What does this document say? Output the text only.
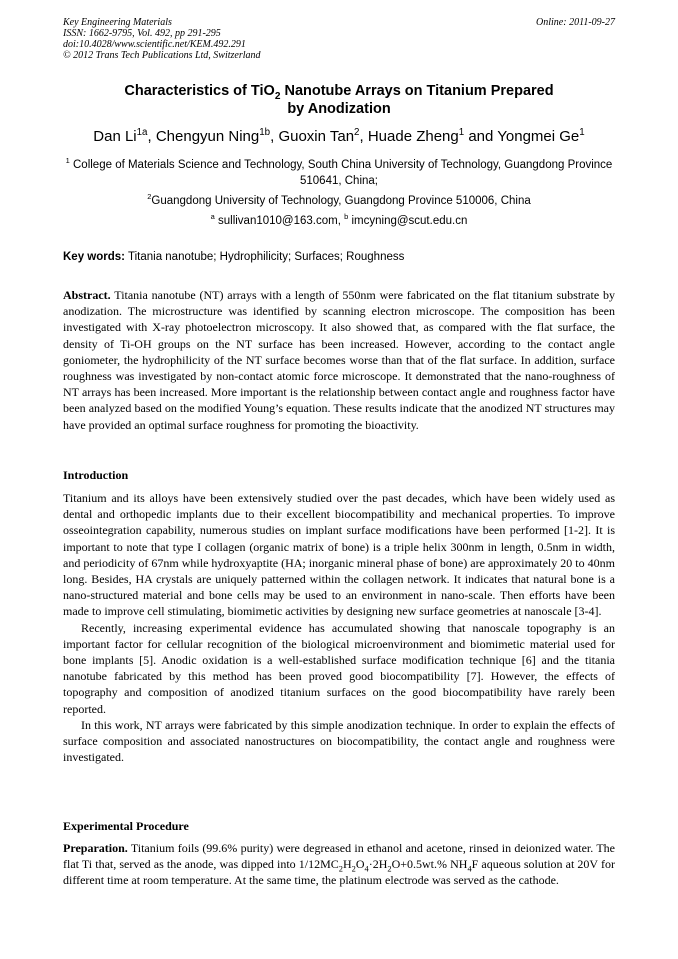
Key Engineering Materials
ISSN: 1662-9795, Vol. 492, pp 291-295
doi:10.4028/www.scientific.net/KEM.492.291
© 2012 Trans Tech Publications Ltd, Switzerland
Online: 2011-09-27
Characteristics of TiO$_2$ Nanotube Arrays on Titanium Prepared
by Anodization
Dan $Li^{1a}$, Chengyun Ning$^{1b}$, Guoxin Tan$^2$, Huade Zheng$^1$ and Yongmei Ge$^1$
$^1$ College of Materials Science and Technology, South China University of Technology, Guangdong Province 510641, China;
$^2$Guangdong University of Technology, Guangdong Province 510006, China
$^a$ sullivan1010@163.com, $^b$ imcyning@scut.edu.cn
Key words: Titania nanotube; Hydrophilicity; Surfaces; Roughness
Abstract. Titania nanotube (NT) arrays with a length of 550nm were fabricated on the flat titanium substrate by anodization. The microstructure was identified by scanning electron microscope. The composition has been investigated with X-ray photoelectron microscopy. It also showed that, as compared with the flat surface, the density of Ti-OH groups on the NT surface has been increased. However, according to the contact angle goniometer, the hydrophilicity of the NT surface becomes worse than that of the flat surface. In addition, surface roughness was investigated by non-contact atomic force microscope. It demonstrated that the nano-roughness of NT arrays has been increased. More important is the relationship between contact angle and roughness factor have been analyzed based on the modified Young’s equation. These results indicate that the anodized NT structures may have provided an optimal surface roughness for promoting the bioactivity.
Introduction
Titanium and its alloys have been extensively studied over the past decades, which have been widely used as dental and orthopedic implants due to their excellent biocompatibility and mechanical properties. To improve osseointegration capability, numerous studies on implant surface modifications have been performed [1-2]. It is important to note that type I collagen (organic matrix of bone) is a triple helix 300nm in length, 0.5nm in width, and periodicity of 67nm while hydroxyaptite (HA; inorganic mineral phase of bone) are approximately 20 to 40nm long. Besides, HA crystals are uniquely patterned within the collagen network. It indicates that natural bone is a nano-structured material and bone cells may be used to an environment in nano-scale. Then efforts have been made to improve cell stimulating, biomimetic activities by designing new surface geometries at nanoscale [3-4].
Recently, increasing experimental evidence has accumulated showing that nanoscale topography is an important factor for cellular recognition of the biological microenvironment and biomimetic material used for bone implants [5]. Anodic oxidation is a well-established surface modification technique [6] and the titania nanotube fabricated by this method has been proved good biocompatibility [7]. However, the effects of topography and composition of anodized titanium surfaces on the good biocompatibility have rarely been reported.
In this work, NT arrays were fabricated by this simple anodization technique. In order to explain the effects of surface composition and associated nanostructures on biocompatibility, the contact angle and roughness were investigated.
Experimental Procedure
Preparation. Titanium foils (99.6% purity) were degreased in ethanol and acetone, rinsed in deionized water. The flat Ti that, served as the anode, was dipped into $1/12MC_2H_2O_4\cdot 2H_2O+0.5wt.\%$ $NH_4F$ aqueous solution at 20V for different time at room temperature. At the same time, the platinum electrode was served as the cathode.
